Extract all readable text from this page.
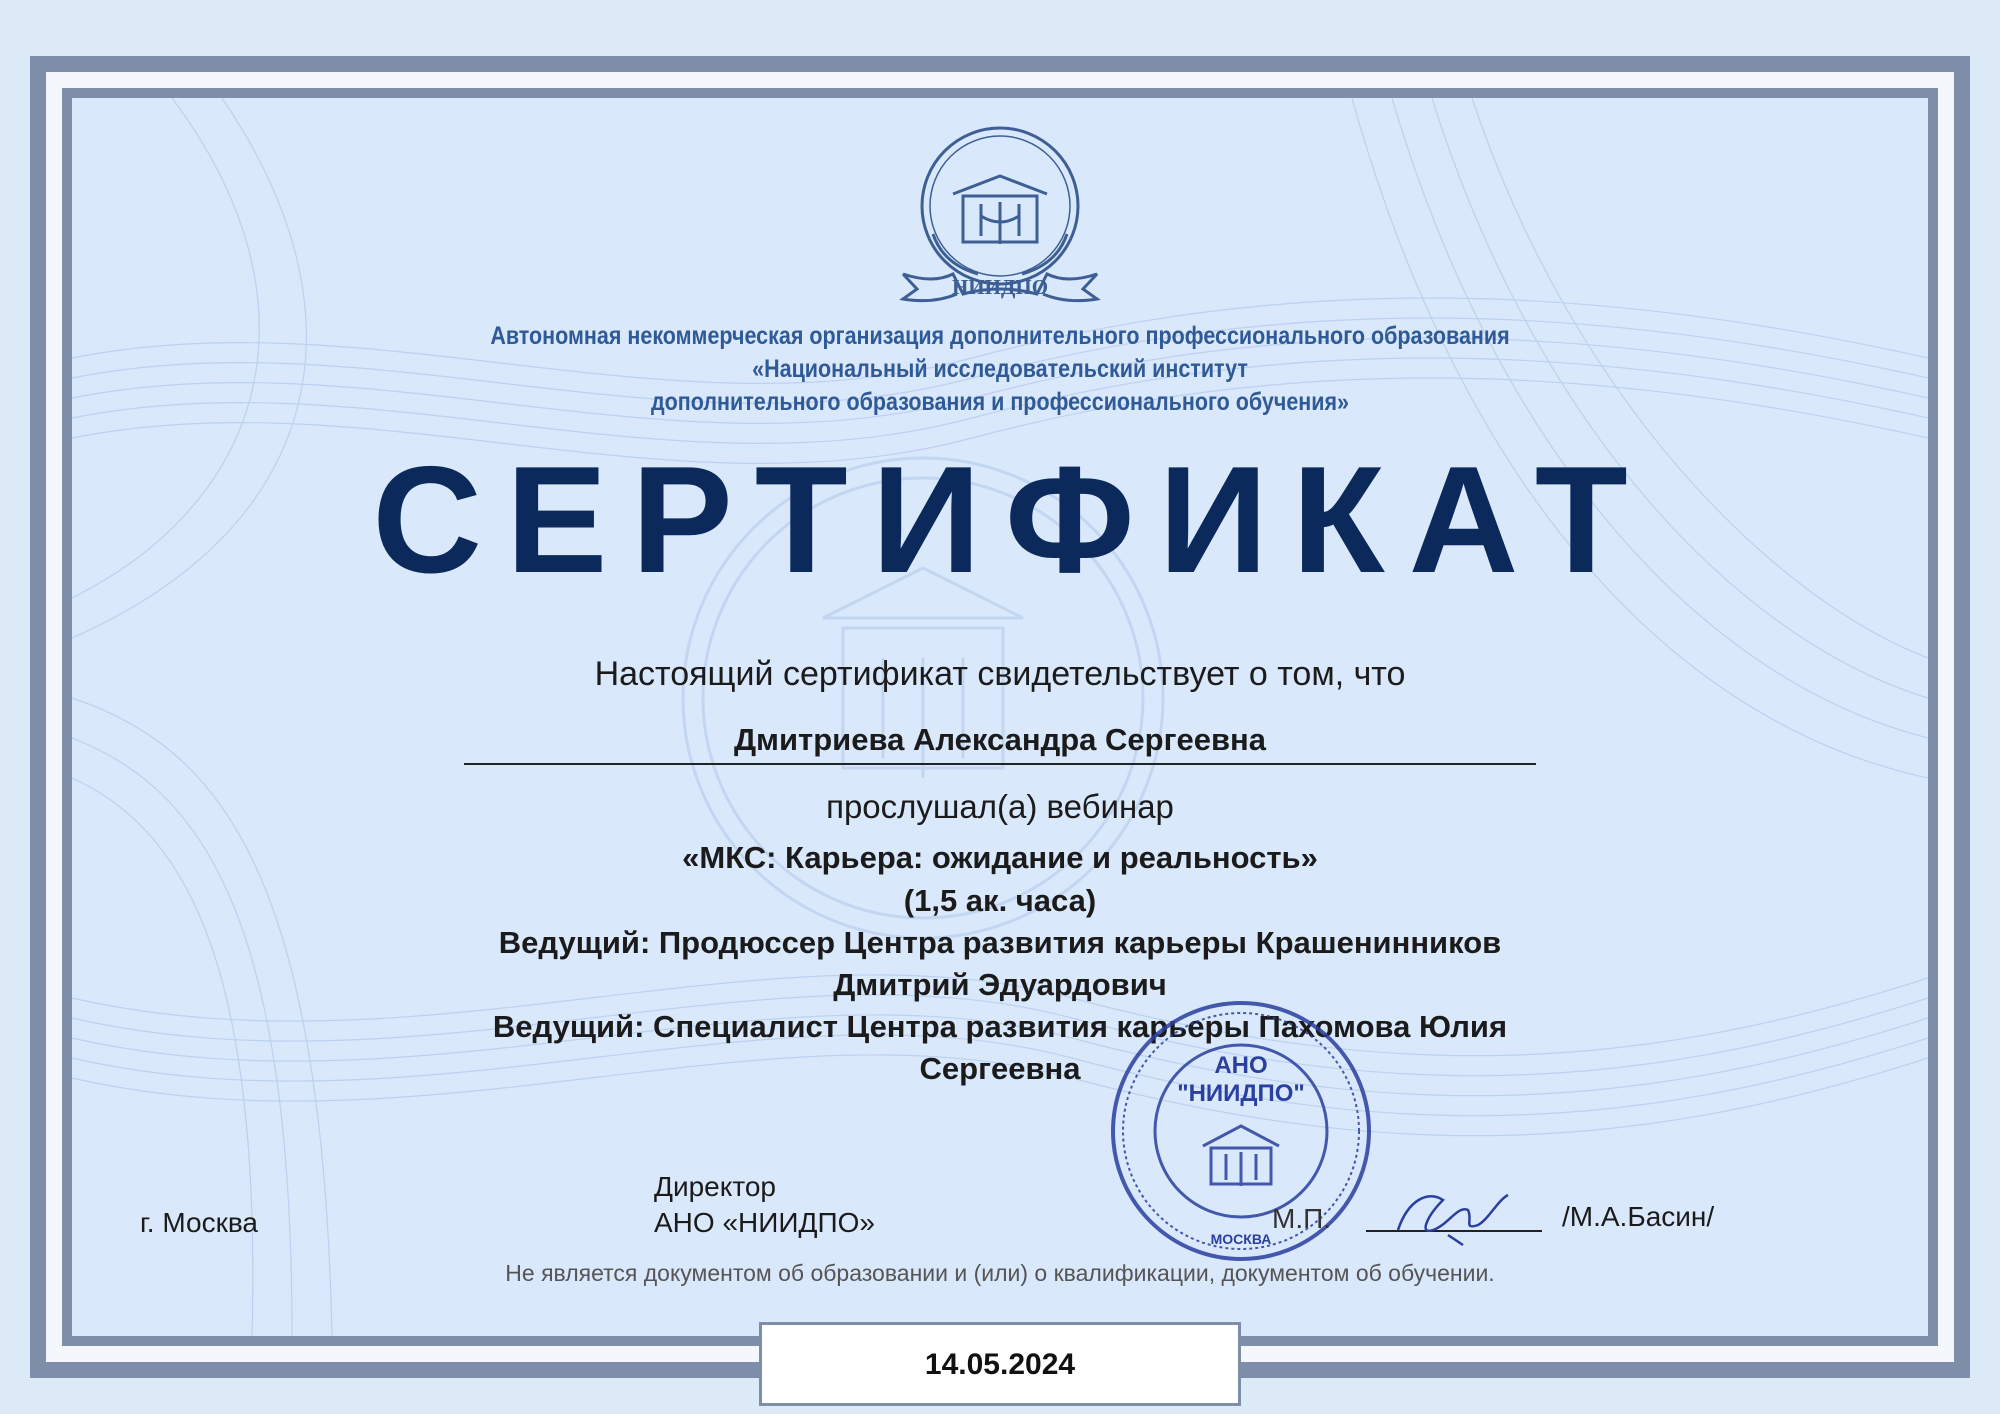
НИИДПО
Автономная некоммерческая организация дополнительного профессионального образования
«Национальный исследовательский институт
дополнительного образования и профессионального обучения»
СЕРТИФИКАТ
Настоящий сертификат свидетельствует о том, что
Дмитриева Александра Сергеевна
прослушал(а) вебинар
«МКС: Карьера: ожидание и реальность»
(1,5 ак. часа)
Ведущий: Продюссер Центра развития карьеры Крашенинников
Дмитрий Эдуардович
Ведущий: Специалист Центра развития карьеры Пахомова Юлия
Сергеевна
г. Москва
Директор
АНО «НИИДПО»
АНО
"НИИДПО"
МОСКВА
М.П.	/М.А.Басин/
Не является документом об образовании и (или) о квалификации, документом об обучении.
14.05.2024
